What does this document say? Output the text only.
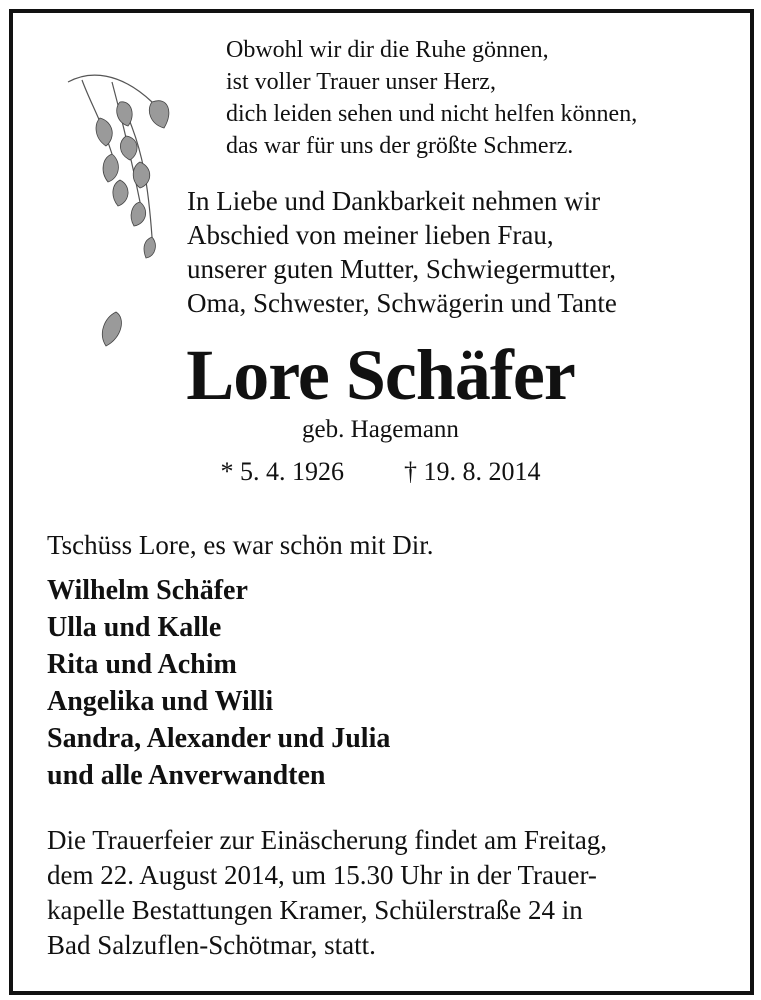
Obwohl wir dir die Ruhe gönnen,
ist voller Trauer unser Herz,
dich leiden sehen und nicht helfen können,
das war für uns der größte Schmerz.
In Liebe und Dankbarkeit nehmen wir
Abschied von meiner lieben Frau,
unserer guten Mutter, Schwiegermutter,
Oma, Schwester, Schwägerin und Tante
Lore Schäfer
geb. Hagemann
* 5. 4. 1926 † 19. 8. 2014
Tschüss Lore, es war schön mit Dir.
Wilhelm Schäfer
Ulla und Kalle
Rita und Achim
Angelika und Willi
Sandra, Alexander und Julia
und alle Anverwandten
Die Trauerfeier zur Einäscherung findet am Freitag,
dem 22. August 2014, um 15.30 Uhr in der Trauer-
kapelle Bestattungen Kramer, Schülerstraße 24 in
Bad Salzuflen-Schötmar, statt.
